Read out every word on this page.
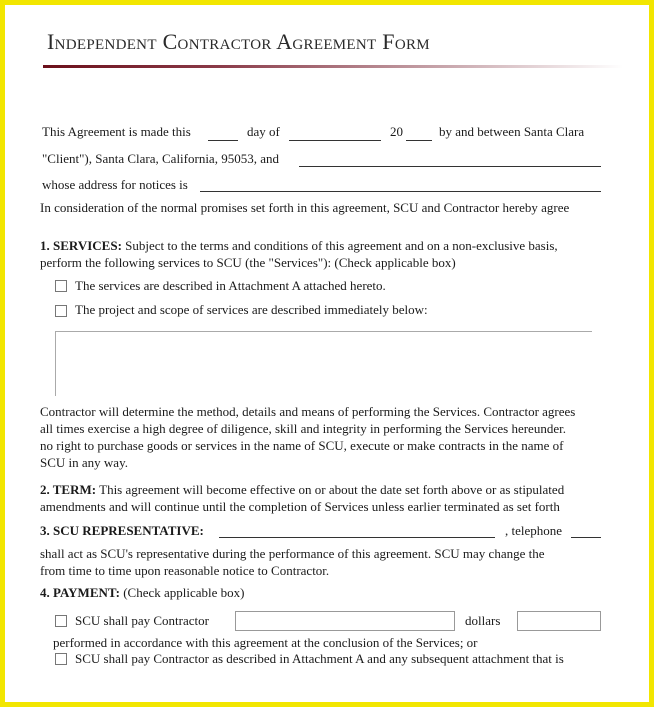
Independent Contractor Agreement Form
This Agreement is made this	day of	20	by and between Santa Clara
"Client"), Santa Clara, California, 95053, and
whose address for notices is
In consideration of the normal promises set forth in this agreement, SCU and Contractor hereby agree
1. SERVICES: Subject to the terms and conditions of this agreement and on a non-exclusive basis,
perform the following services to SCU (the "Services"): (Check applicable box)
The services are described in Attachment A attached hereto.
The project and scope of services are described immediately below:
Contractor will determine the method, details and means of performing the Services. Contractor agrees
all times exercise a high degree of diligence, skill and integrity in performing the Services hereunder.
no right to purchase goods or services in the name of SCU, execute or make contracts in the name of
SCU in any way.
2. TERM: This agreement will become effective on or about the date set forth above or as stipulated
amendments and will continue until the completion of Services unless earlier terminated as set forth
3. SCU REPRESENTATIVE:	, telephone
shall act as SCU's representative during the performance of this agreement. SCU may change the
from time to time upon reasonable notice to Contractor.
4. PAYMENT: (Check applicable box)
SCU shall pay Contractor	dollars
performed in accordance with this agreement at the conclusion of the Services; or
SCU shall pay Contractor as described in Attachment A and any subsequent attachment that is
